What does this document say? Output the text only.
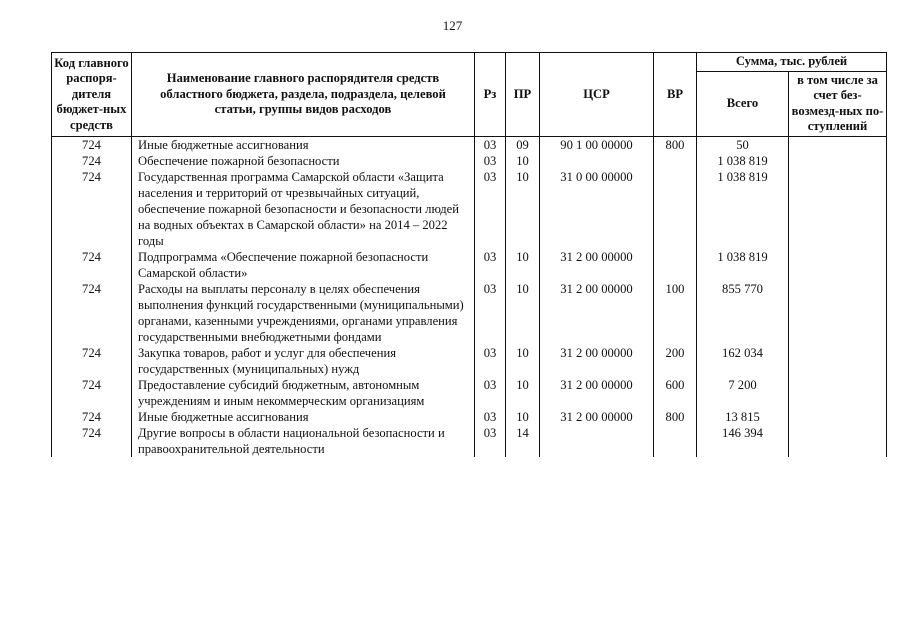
127
Код главного распоря-дителя бюджет-ных средств	Наименование главного распорядителя средств областного бюджета, раздела, подраздела, целевой статьи, группы видов расходов	Рз	ПР	ЦСР	ВР	Сумма, тыс. рублей	
						Всего	в том числе за счет без-возмезд-ных по-ступлений
724	Иные бюджетные ассигнования	03	09	90 1 00 00000	800	50	
724	Обеспечение пожарной безопасности	03	10			1 038 819	
724	Государственная программа Самарской области «Защита населения и территорий от чрезвычайных ситуаций, обеспечение пожарной безопасности и безопасности людей на водных объектах в Самарской области» на 2014 – 2022 годы	03	10	31 0 00 00000		1 038 819	
724	Подпрограмма «Обеспечение пожарной безопасности Самарской области»	03	10	31 2 00 00000		1 038 819	
724	Расходы на выплаты персоналу в целях обеспечения выполнения функций государственными (муниципальными) органами, казенными учреждениями, органами управления государственными внебюджетными фондами	03	10	31 2 00 00000	100	855 770	
724	Закупка товаров, работ и услуг для обеспечения государственных (муниципальных) нужд	03	10	31 2 00 00000	200	162 034	
724	Предоставление субсидий бюджетным, автономным учреждениям и иным некоммерческим организациям	03	10	31 2 00 00000	600	7 200	
724	Иные бюджетные ассигнования	03	10	31 2 00 00000	800	13 815	
724	Другие вопросы в области национальной безопасности и правоохранительной деятельности	03	14			146 394	
